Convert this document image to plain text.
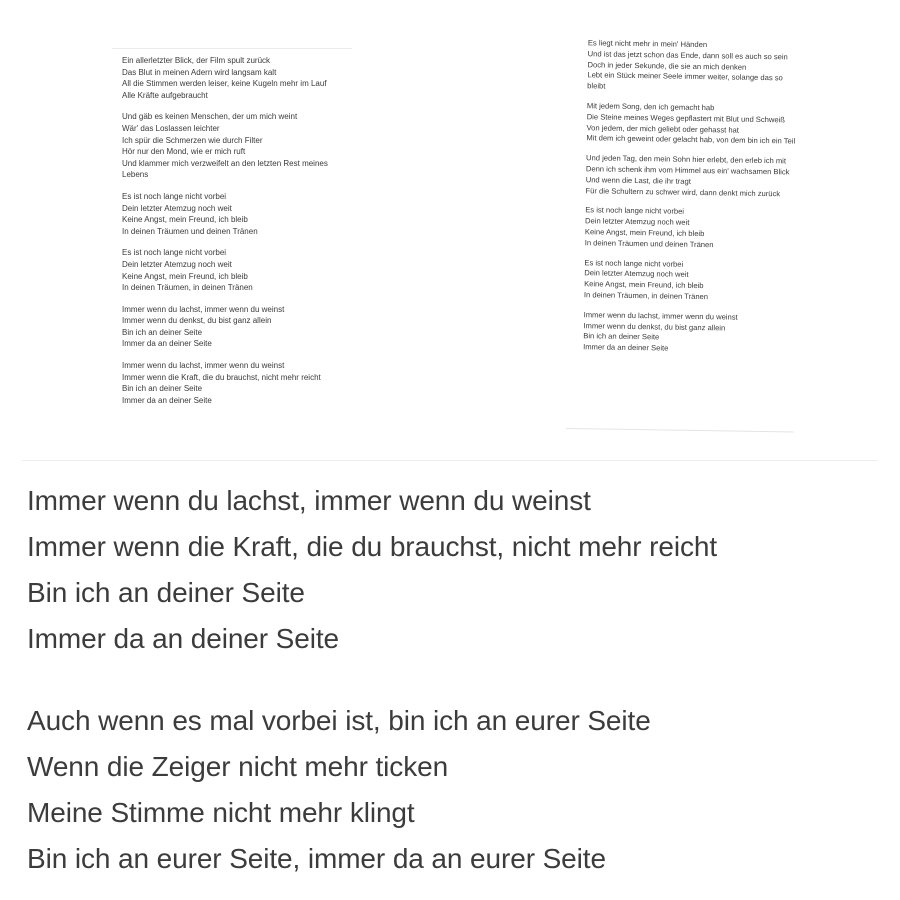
Ein allerletzter Blick, der Film spult zurück
Das Blut in meinen Adern wird langsam kalt
All die Stimmen werden leiser, keine Kugeln mehr im Lauf
Alle Kräfte aufgebraucht
Und gäb es keinen Menschen, der um mich weint
Wär' das Loslassen leichter
Ich spür die Schmerzen wie durch Filter
Hör nur den Mond, wie er mich ruft
Und klammer mich verzweifelt an den letzten Rest meines Lebens
Es ist noch lange nicht vorbei
Dein letzter Atemzug noch weit
Keine Angst, mein Freund, ich bleib
In deinen Träumen und deinen Tränen
Es ist noch lange nicht vorbei
Dein letzter Atemzug noch weit
Keine Angst, mein Freund, ich bleib
In deinen Träumen, in deinen Tränen
Immer wenn du lachst, immer wenn du weinst
Immer wenn du denkst, du bist ganz allein
Bin ich an deiner Seite
Immer da an deiner Seite
Immer wenn du lachst, immer wenn du weinst
Immer wenn die Kraft, die du brauchst, nicht mehr reicht
Bin ich an deiner Seite
Immer da an deiner Seite
Es liegt nicht mehr in mein' Händen
Und ist das jetzt schon das Ende, dann soll es auch so sein
Doch in jeder Sekunde, die sie an mich denken
Lebt ein Stück meiner Seele immer weiter, solange das so bleibt
Mit jedem Song, den ich gemacht hab
Die Steine meines Weges gepflastert mit Blut und Schweiß
Von jedem, der mich geliebt oder gehasst hat
Mit dem ich geweint oder gelacht hab, von dem bin ich ein Teil
Und jeden Tag, den mein Sohn hier erlebt, den erleb ich mit
Denn ich schenk ihm vom Himmel aus ein' wachsamen Blick
Und wenn die Last, die ihr tragt
Für die Schultern zu schwer wird, dann denkt mich zurück
Es ist noch lange nicht vorbei
Dein letzter Atemzug noch weit
Keine Angst, mein Freund, ich bleib
In deinen Träumen und deinen Tränen
Es ist noch lange nicht vorbei
Dein letzter Atemzug noch weit
Keine Angst, mein Freund, ich bleib
In deinen Träumen, in deinen Tränen
Immer wenn du lachst, immer wenn du weinst
Immer wenn du denkst, du bist ganz allein
Bin ich an deiner Seite
Immer da an deiner Seite
Immer wenn du lachst, immer wenn du weinst
Immer wenn die Kraft, die du brauchst, nicht mehr reicht
Bin ich an deiner Seite
Immer da an deiner Seite
Auch wenn es mal vorbei ist, bin ich an eurer Seite
Wenn die Zeiger nicht mehr ticken
Meine Stimme nicht mehr klingt
Bin ich an eurer Seite, immer da an eurer Seite
